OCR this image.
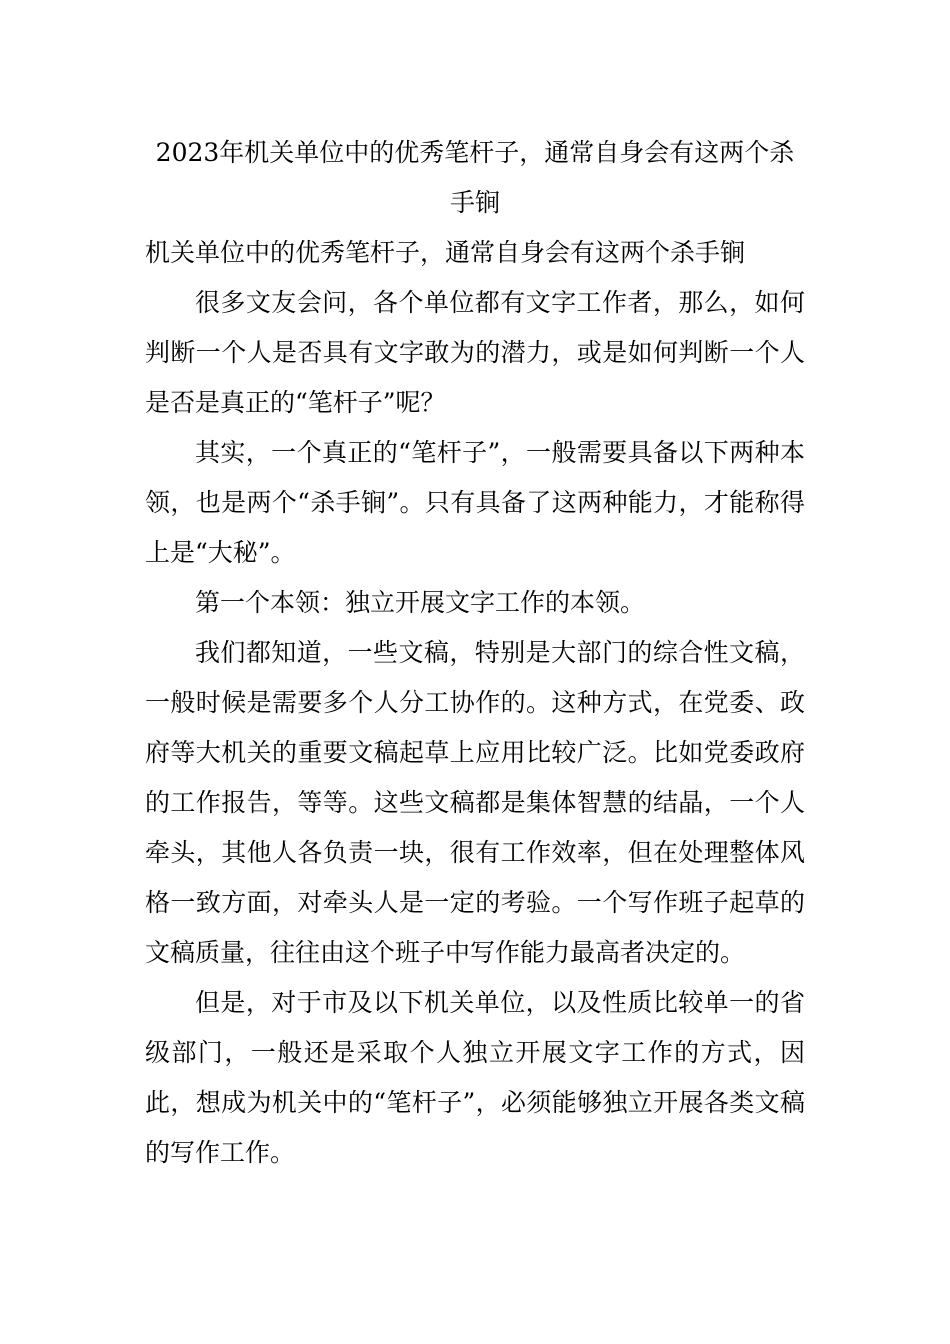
2023年机关单位中的优秀笔杆子，通常自身会有这两个杀手锏

机关单位中的优秀笔杆子，通常自身会有这两个杀手锏

很多文友会问，各个单位都有文字工作者，那么，如何判断一个人是否具有文字敢为的潜力，或是如何判断一个人是否是真正的“笔杆子”呢？

其实，一个真正的“笔杆子”，一般需要具备以下两种本领，也是两个“杀手锏”。只有具备了这两种能力，才能称得上是“大秘”。

第一个本领：独立开展文字工作的本领。

我们都知道，一些文稿，特别是大部门的综合性文稿，一般时候是需要多个人分工协作的。这种方式，在党委、政府等大机关的重要文稿起草上应用比较广泛。比如党委政府的工作报告，等等。这些文稿都是集体智慧的结晶，一个人牵头，其他人各负责一块，很有工作效率，但在处理整体风格一致方面，对牵头人是一定的考验。一个写作班子起草的文稿质量，往往由这个班子中写作能力最高者决定的。

但是，对于市及以下机关单位，以及性质比较单一的省级部门，一般还是采取个人独立开展文字工作的方式，因此，想成为机关中的“笔杆子”，必须能够独立开展各类文稿的写作工作。
